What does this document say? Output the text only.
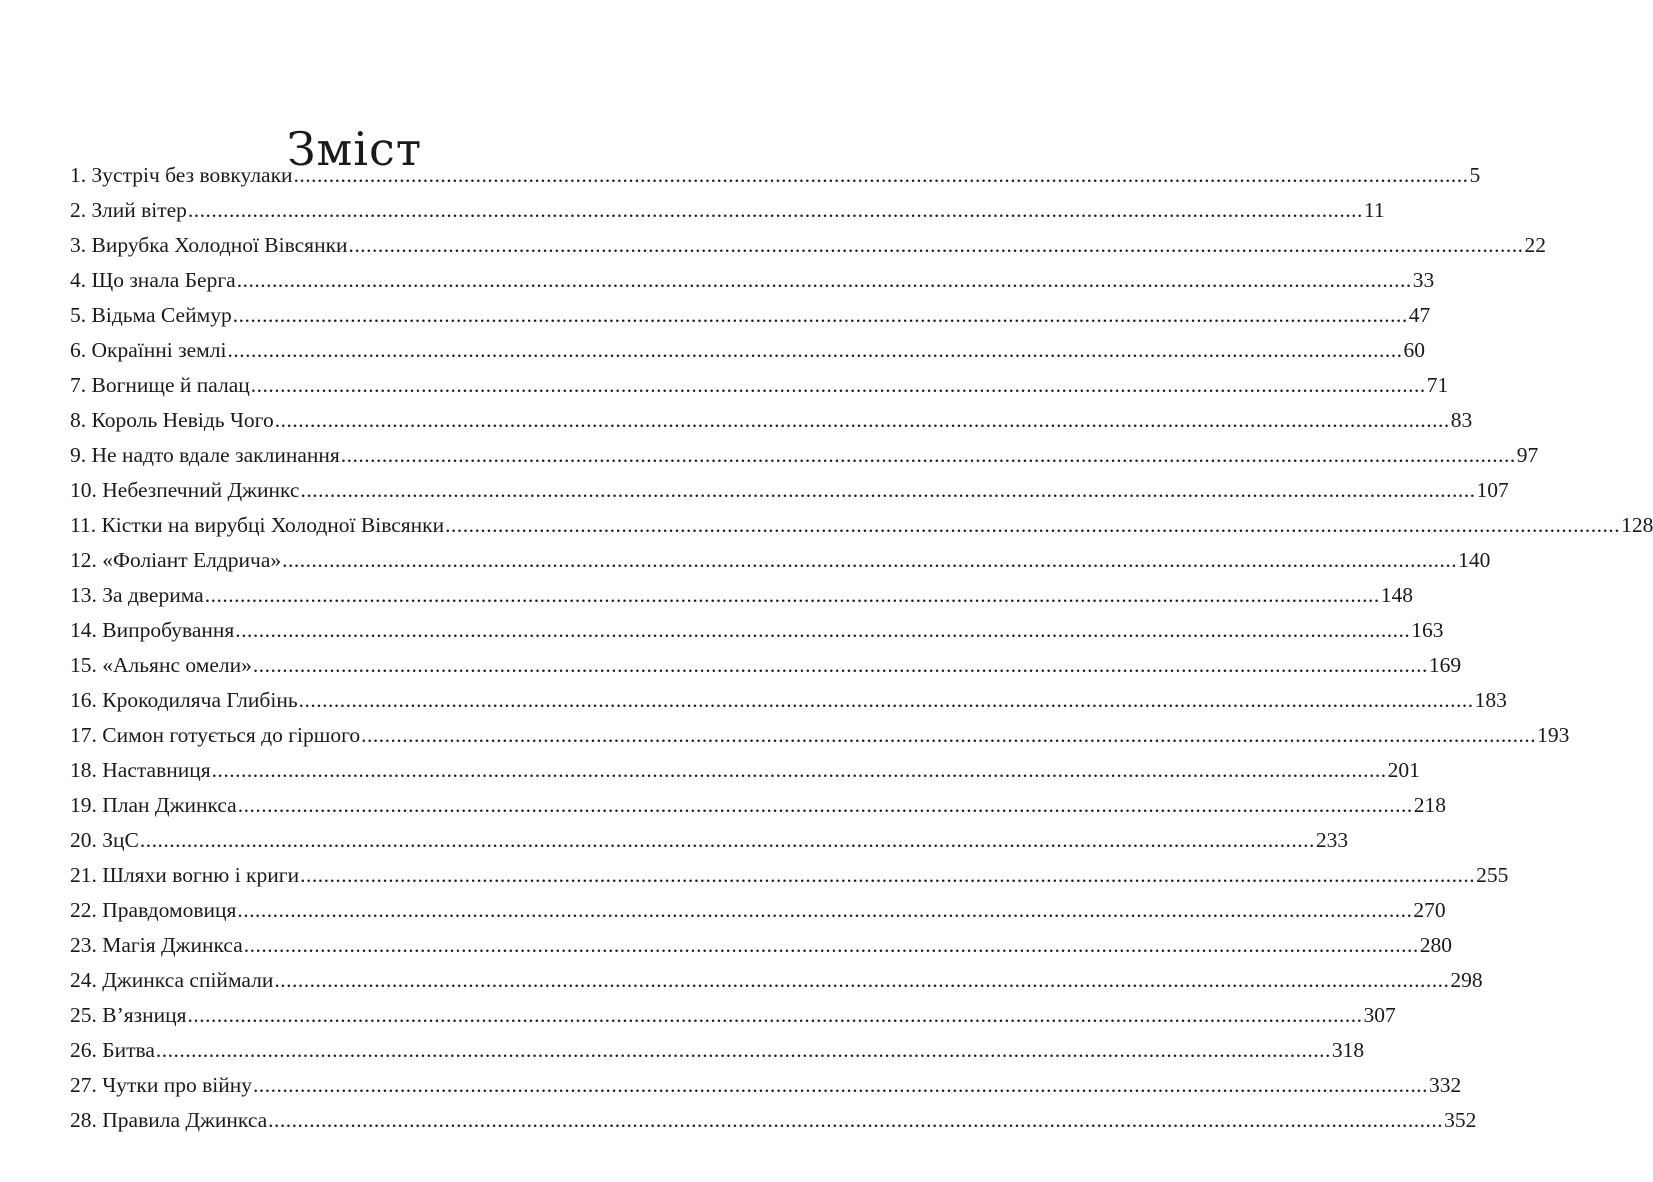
Зміст
1. Зустріч без вовкулаки ........................................................................................................................................................................................................ 5
2. Злий вітер ........................................................................................................................................................................................................ 11
3. Вирубка Холодної Вівсянки ........................................................................................................................................................................................................ 22
4. Що знала Берга ........................................................................................................................................................................................................ 33
5. Відьма Сеймур ........................................................................................................................................................................................................ 47
6. Окраїнні землі ........................................................................................................................................................................................................ 60
7. Вогнище й палац ........................................................................................................................................................................................................ 71
8. Король Невідь Чого ........................................................................................................................................................................................................ 83
9. Не надто вдале заклинання ........................................................................................................................................................................................................ 97
10. Небезпечний Джинкс ........................................................................................................................................................................................................ 107
11. Кістки на вирубці Холодної Вівсянки ........................................................................................................................................................................................................ 128
12. «Фоліант Елдрича» ........................................................................................................................................................................................................ 140
13. За дверима ........................................................................................................................................................................................................ 148
14. Випробування ........................................................................................................................................................................................................ 163
15. «Альянс омели» ........................................................................................................................................................................................................ 169
16. Крокодиляча Глибінь ........................................................................................................................................................................................................ 183
17. Симон готується до гіршого ........................................................................................................................................................................................................ 193
18. Наставниця ........................................................................................................................................................................................................ 201
19. План Джинкса ........................................................................................................................................................................................................ 218
20. ЗцС ........................................................................................................................................................................................................ 233
21. Шляхи вогню і криги ........................................................................................................................................................................................................ 255
22. Правдомовиця ........................................................................................................................................................................................................ 270
23. Магія Джинкса ........................................................................................................................................................................................................ 280
24. Джинкса спіймали ........................................................................................................................................................................................................ 298
25. В’язниця ........................................................................................................................................................................................................ 307
26. Битва ........................................................................................................................................................................................................ 318
27. Чутки про війну ........................................................................................................................................................................................................ 332
28. Правила Джинкса ........................................................................................................................................................................................................ 352
